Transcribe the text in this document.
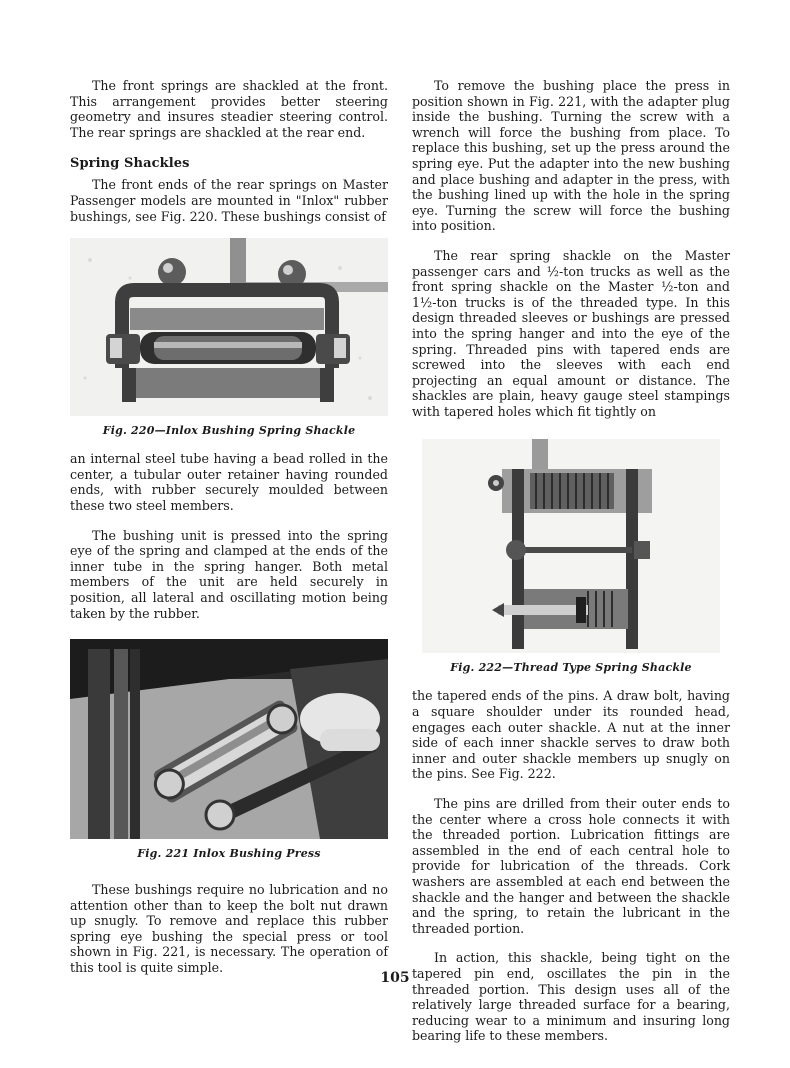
The front springs are shackled at the front. This arrangement provides better steering geometry and insures steadier steering control. The rear springs are shackled at the rear end.

Spring Shackles

The front ends of the rear springs on Master Passenger models are mounted in "Inlox" rubber bushings, see Fig. 220. These bushings consist of

Fig. 220—Inlox Bushing Spring Shackle

an internal steel tube having a bead rolled in the center, a tubular outer retainer having rounded ends, with rubber securely moulded between these two steel members.

The bushing unit is pressed into the spring eye of the spring and clamped at the ends of the inner tube in the spring hanger. Both metal members of the unit are held securely in position, all lateral and oscillating motion being taken by the rubber.

Fig. 221 Inlox Bushing Press

These bushings require no lubrication and no attention other than to keep the bolt nut drawn up snugly. To remove and replace this rubber spring eye bushing the special press or tool shown in Fig. 221, is necessary. The operation of this tool is quite simple.

To remove the bushing place the press in position shown in Fig. 221, with the adapter plug inside the bushing. Turning the screw with a wrench will force the bushing from place. To replace this bushing, set up the press around the spring eye. Put the adapter into the new bushing and place bushing and adapter in the press, with the bushing lined up with the hole in the spring eye. Turning the screw will force the bushing into position.

The rear spring shackle on the Master passenger cars and ½-ton trucks as well as the front spring shackle on the Master ½-ton and 1½-ton trucks is of the threaded type. In this design threaded sleeves or bushings are pressed into the spring hanger and into the eye of the spring. Threaded pins with tapered ends are screwed into the sleeves with each end projecting an equal amount or distance. The shackles are plain, heavy gauge steel stampings with tapered holes which fit tightly on

Fig. 222—Thread Type Spring Shackle

the tapered ends of the pins. A draw bolt, having a square shoulder under its rounded head, engages each outer shackle. A nut at the inner side of each inner shackle serves to draw both inner and outer shackle members up snugly on the pins. See Fig. 222.

The pins are drilled from their outer ends to the center where a cross hole connects it with the threaded portion. Lubrication fittings are assembled in the end of each central hole to provide for lubrication of the threads. Cork washers are assembled at each end between the shackle and the hanger and between the shackle and the spring, to retain the lubricant in the threaded portion.

In action, this shackle, being tight on the tapered pin end, oscillates the pin in the threaded portion. This design uses all of the relatively large threaded surface for a bearing, reducing wear to a minimum and insuring long bearing life to these members.

105
